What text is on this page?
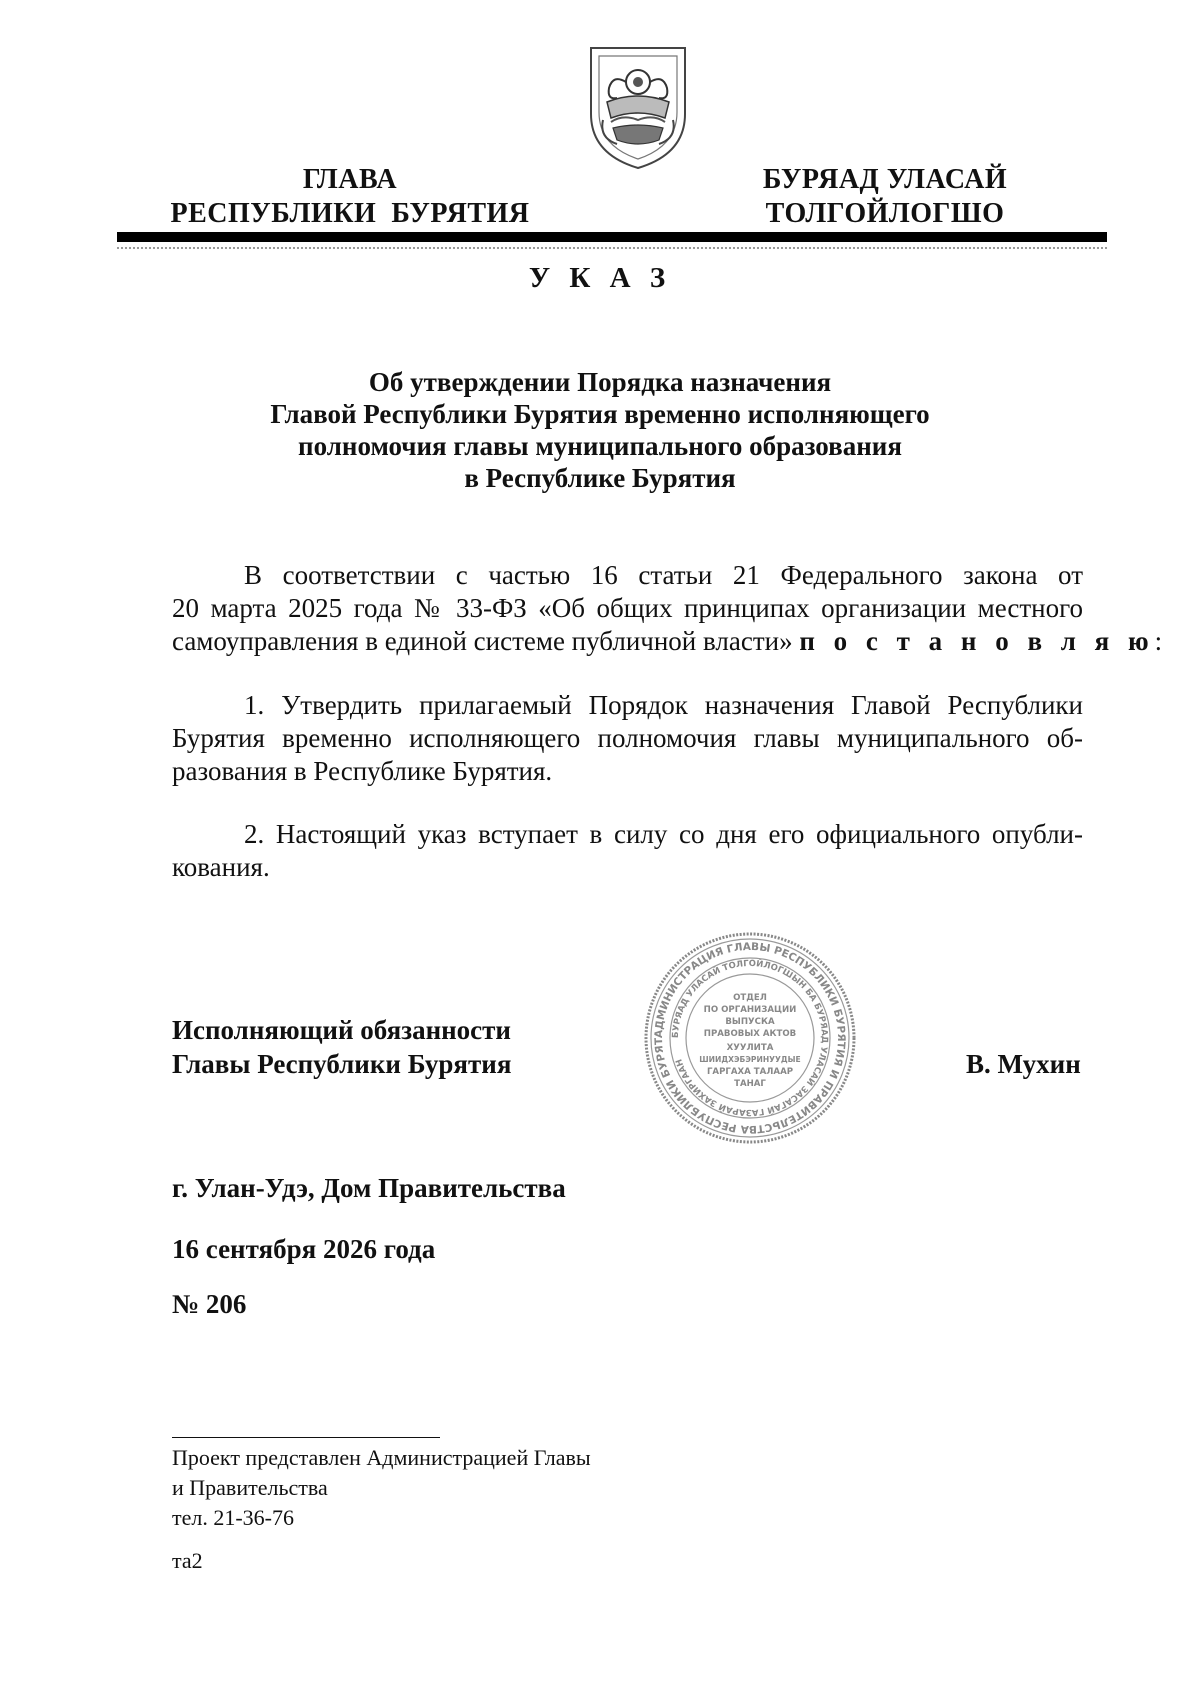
ГЛАВА
РЕСПУБЛИКИ  БУРЯТИЯ
БУРЯАД УЛАСАЙ
ТОЛГОЙЛОГШО
У К А З
Об утверждении Порядка назначения
Главой Республики Бурятия временно исполняющего
полномочия главы муниципального образования
в Республике Бурятия
В соответствии с частью 16 статьи 21 Федерального закона от
20 марта 2025 года № 33-ФЗ «Об общих принципах организации местного
самоуправления в единой системе публичной власти» п о с т а н о в л я ю:
1. Утвердить прилагаемый Порядок назначения Главой Республики
Бурятия временно исполняющего полномочия главы муниципального об-
разования в Республике Бурятия.
2. Настоящий указ вступает в силу со дня его официального опубли-
кования.
АДМИНИСТРАЦИЯ ГЛАВЫ РЕСПУБЛИКИ БУРЯТИЯ И ПРАВИТЕЛЬСТВА РЕСПУБЛИКИ БУРЯТ
БУРЯАД УЛАСАЙ ТОЛГОЙЛОГШЫН БА БУРЯАД УЛАСАЙ ЗАСАГАЙ ГАЗАРАЙ ЗАХИРГААН
ОТДЕЛ
ПО ОРГАНИЗАЦИИ
ВЫПУСКА
ПРАВОВЫХ АКТОВ
ХУУЛИТА
ШИИДХЭБЭРИНУУДЫЕ
ГАРГАХА ТАЛААР
ТАНАГ
Исполняющий обязанности
Главы Республики Бурятия	В. Мухин
г. Улан-Удэ, Дом Правительства
16 сентября 2026 года
№ 206
Проект представлен Администрацией Главы
и Правительства
тел. 21-36-76
та2
